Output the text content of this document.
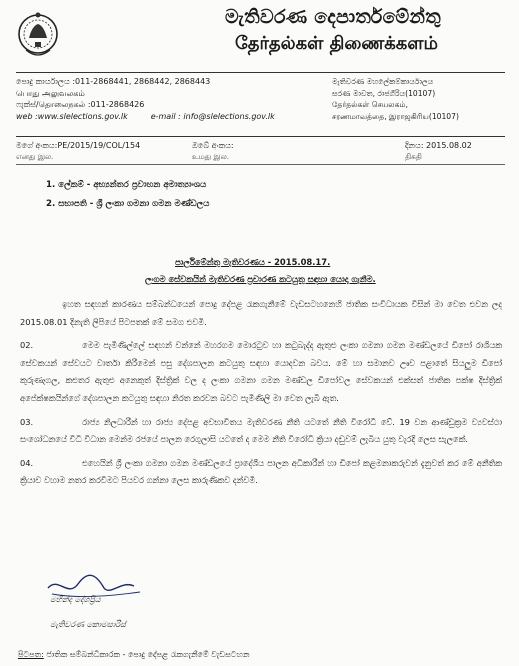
මැතිවරණ දෙපාර්තමේන්තු
தேர்தல்கள் திணைக்களம்
පොදු කාර්යාලය :011-2868441, 2868442, 2868443
பொது அலுவலகம்
ෆැක්ස්/தொலைநகல் :011-2868426
web :www.slelections.gov.lk	e-mail : info@slelections.gov.lk
මැතිවරණ මහලේකම්කාර්යාලය
සරණ මාවත, රාජගිරිය(10107)
தேர்தல்கள் செயலகம்,
சரணமாவத்தை, இராஜகிரிய(10107)
මගේ අංකය:PE/2015/19/COL/154
எனது இல.
ඔබේ අංකය:
உமது இல.
දිනය: 2015.08.02
திகதி
1. ලේකම් - අභ්‍යන්තර ප්‍රවාහන අමාත්‍යාංශය
2. සභාපති - ශ්‍රී ලංකා ගමනා ගමන මණ්ඩලය
පාර්ලිමේන්තු මැතිවරණය - 2015.08.17.
ලංගම සේවකයින් මැතිවරණ ප්‍රචාරණ කටයුතු සඳහා යොදා ගැනීම.

ඉහත සඳහන් කාරණය සම්බන්ධයෙන් පොදු දේපළ රැකගැනීමේ වැඩසටහනෙහි ජාතික සංවිධායක විසින් මා වෙත එවන ලද 2015.08.01 දිනැති ලිපියේ පිටපතක් මේ සමග එවමි.

02.	මෙම පැමිණිල්ලේ සඳහන් වන්නේ මහරගම මොරටුව හා කටුබැද්ද ඇතුළු ලංකා ගමනා ගමන මණ්ඩලයේ ඩිපෝ රාශියක සේවකයන් සේවයට වාර්තා කිරීමෙන් පසු දේශපාලන කටයුතු සඳහා යොදවන බවය. මේ හා සමානව ඌව පළාතේ සියලුම ඩිපෝ කුරුණෑගල, කළුතර ඇතුළු අනෙකුත් දිස්ත්‍රික් වල ද ලංකා ගමනා ගමන මණ්ඩල ඩිපෝවල සේවකයන් එක්සත් ජාතික පක්ෂ දිස්ත්‍රික් අපේක්ෂකයින්ගේ දේශපාලන කටයුතු සඳහා නිරත කරවන බවට පැමිණිලි මා වෙත ලැබී ඇත.

03.	රාජ්‍ය නිලධාරීන් හා රාජ්‍ය දේපළ අවභාවිතය මැතිවරණ නීති යටතේ නීති විරෝධී වේ. 19 වන ආණ්ඩුක්‍රම ව්‍යවස්ථා සංශෝධනයේ විධි විධාන මෙන්ම රජයේ පාලන රෙගුලාසි යටතේ ද මෙම නීති විරෝධී ක්‍රියා දඬුවම් ලැබිය යුතු වැරදි ලෙස සැලකේ.

04.	එහෙයින් ශ්‍රී ලංකා ගමනා ගමන මණ්ඩලයේ ප්‍රාදේශීය පාලන අධිකාරීන් හා ඩිපෝ කළමනාකරුවන් දැනුවත් කර මේ අනීතික ක්‍රියාව වහාම නතර කරවීමට පියවර ගන්නා ලෙස කාරුණිකව දන්වමි.

මහින්ද දේශප්‍රිය
මැතිවරණ කොමසාරිස්
පිටපත: ජාතික සම්බන්ධීකාරක - පොදු දේපළ රැකගැනීමේ වැඩසටහන
